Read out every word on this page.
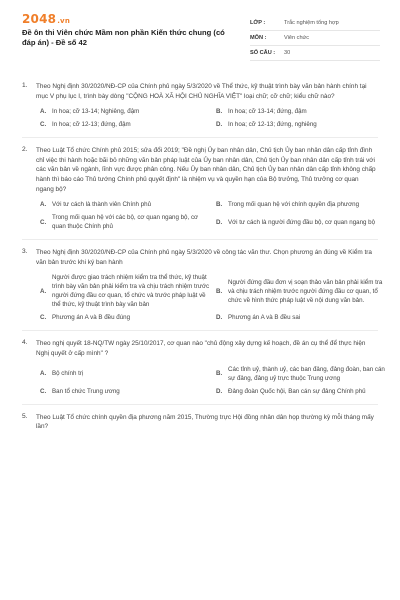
2048.vn
Đề ôn thi Viên chức Mầm non phần Kiến thức chung (có đáp án) - Đề số 42
LỚP :	Trắc nghiệm tổng hợp
MÔN :	Viên chức
SỐ CÂU :	30
1. Theo Nghị định 30/2020/NĐ-CP của Chính phủ ngày 5/3/2020 về Thể thức, kỹ thuật trình bày văn bản hành chính tại mục V phụ lục I, trình bày dòng "CỘNG HOÀ XÃ HỘI CHỦ NGHĨA VIỆT" loại chữ; cỡ chữ; kiểu chữ nào?
A. In hoa; cỡ 13-14; Nghiêng, đậm	B. In hoa; cỡ 13-14; đứng, đậm
C. In hoa; cỡ 12-13; đứng, đậm	D. In hoa; cỡ 12-13; đứng, nghiêng
2. Theo Luật Tổ chức Chính phủ 2015; sửa đổi 2019; "Đề nghị Ủy ban nhân dân, Chủ tịch Ủy ban nhân dân cấp tỉnh đình chỉ việc thi hành hoặc bãi bỏ những văn bản pháp luật của Ủy ban nhân dân, Chủ tịch Ủy ban nhân dân cấp tỉnh trái với các văn bản về ngành, lĩnh vực được phân công. Nếu Ủy ban nhân dân, Chủ tịch Ủy ban nhân dân cấp tỉnh không chấp hành thì báo cáo Thủ tướng Chính phủ quyết định" là nhiệm vụ và quyền hạn của Bộ trưởng, Thủ trưởng cơ quan ngang bộ?
A. Với tư cách là thành viên Chính phủ	B. Trong mối quan hệ với chính quyền địa phương
C.
Trong mối quan hệ với các bộ, cơ quan ngang bộ, cơ quan thuộc Chính phủ
D. Với tư cách là người đứng đầu bộ, cơ quan ngang bộ
3. Theo Nghị định 30/2020/NĐ-CP của Chính phủ ngày 5/3/2020 về công tác văn thư. Chọn phương án đúng về Kiểm tra văn bản trước khi ký ban hành
A.
Người được giao trách nhiệm kiểm tra thể thức, kỹ thuật trình bày văn bản phải kiểm tra và chịu trách nhiệm trước người đứng đầu cơ quan, tổ chức và trước pháp luật về thể thức, kỹ thuật trình bày văn bản
B.
Người đứng đầu đơn vị soạn thảo văn bản phải kiểm tra và chịu trách nhiệm trước người đứng đầu cơ quan, tổ chức về hình thức pháp luật về nội dung văn bản.
C. Phương án A và B đều đúng	D. Phương án A và B đều sai
4. Theo nghị quyết 18-NQ/TW ngày 25/10/2017, cơ quan nào "chủ động xây dựng kế hoạch, đề án cụ thể để thực hiện Nghị quyết ở cấp mình" ?
A. Bộ chính trị	B.
Các tỉnh uỷ, thành uỷ, các ban đảng, đảng đoàn, ban cán sự đảng, đảng uỷ trực thuộc Trung ương
C. Ban tổ chức Trung ương	D. Đảng đoàn Quốc hội, Ban cán sự đảng Chính phủ
5. Theo Luật Tổ chức chính quyền địa phương năm 2015, Thường trực Hội đồng nhân dân họp thường kỳ mỗi tháng mấy lần?
